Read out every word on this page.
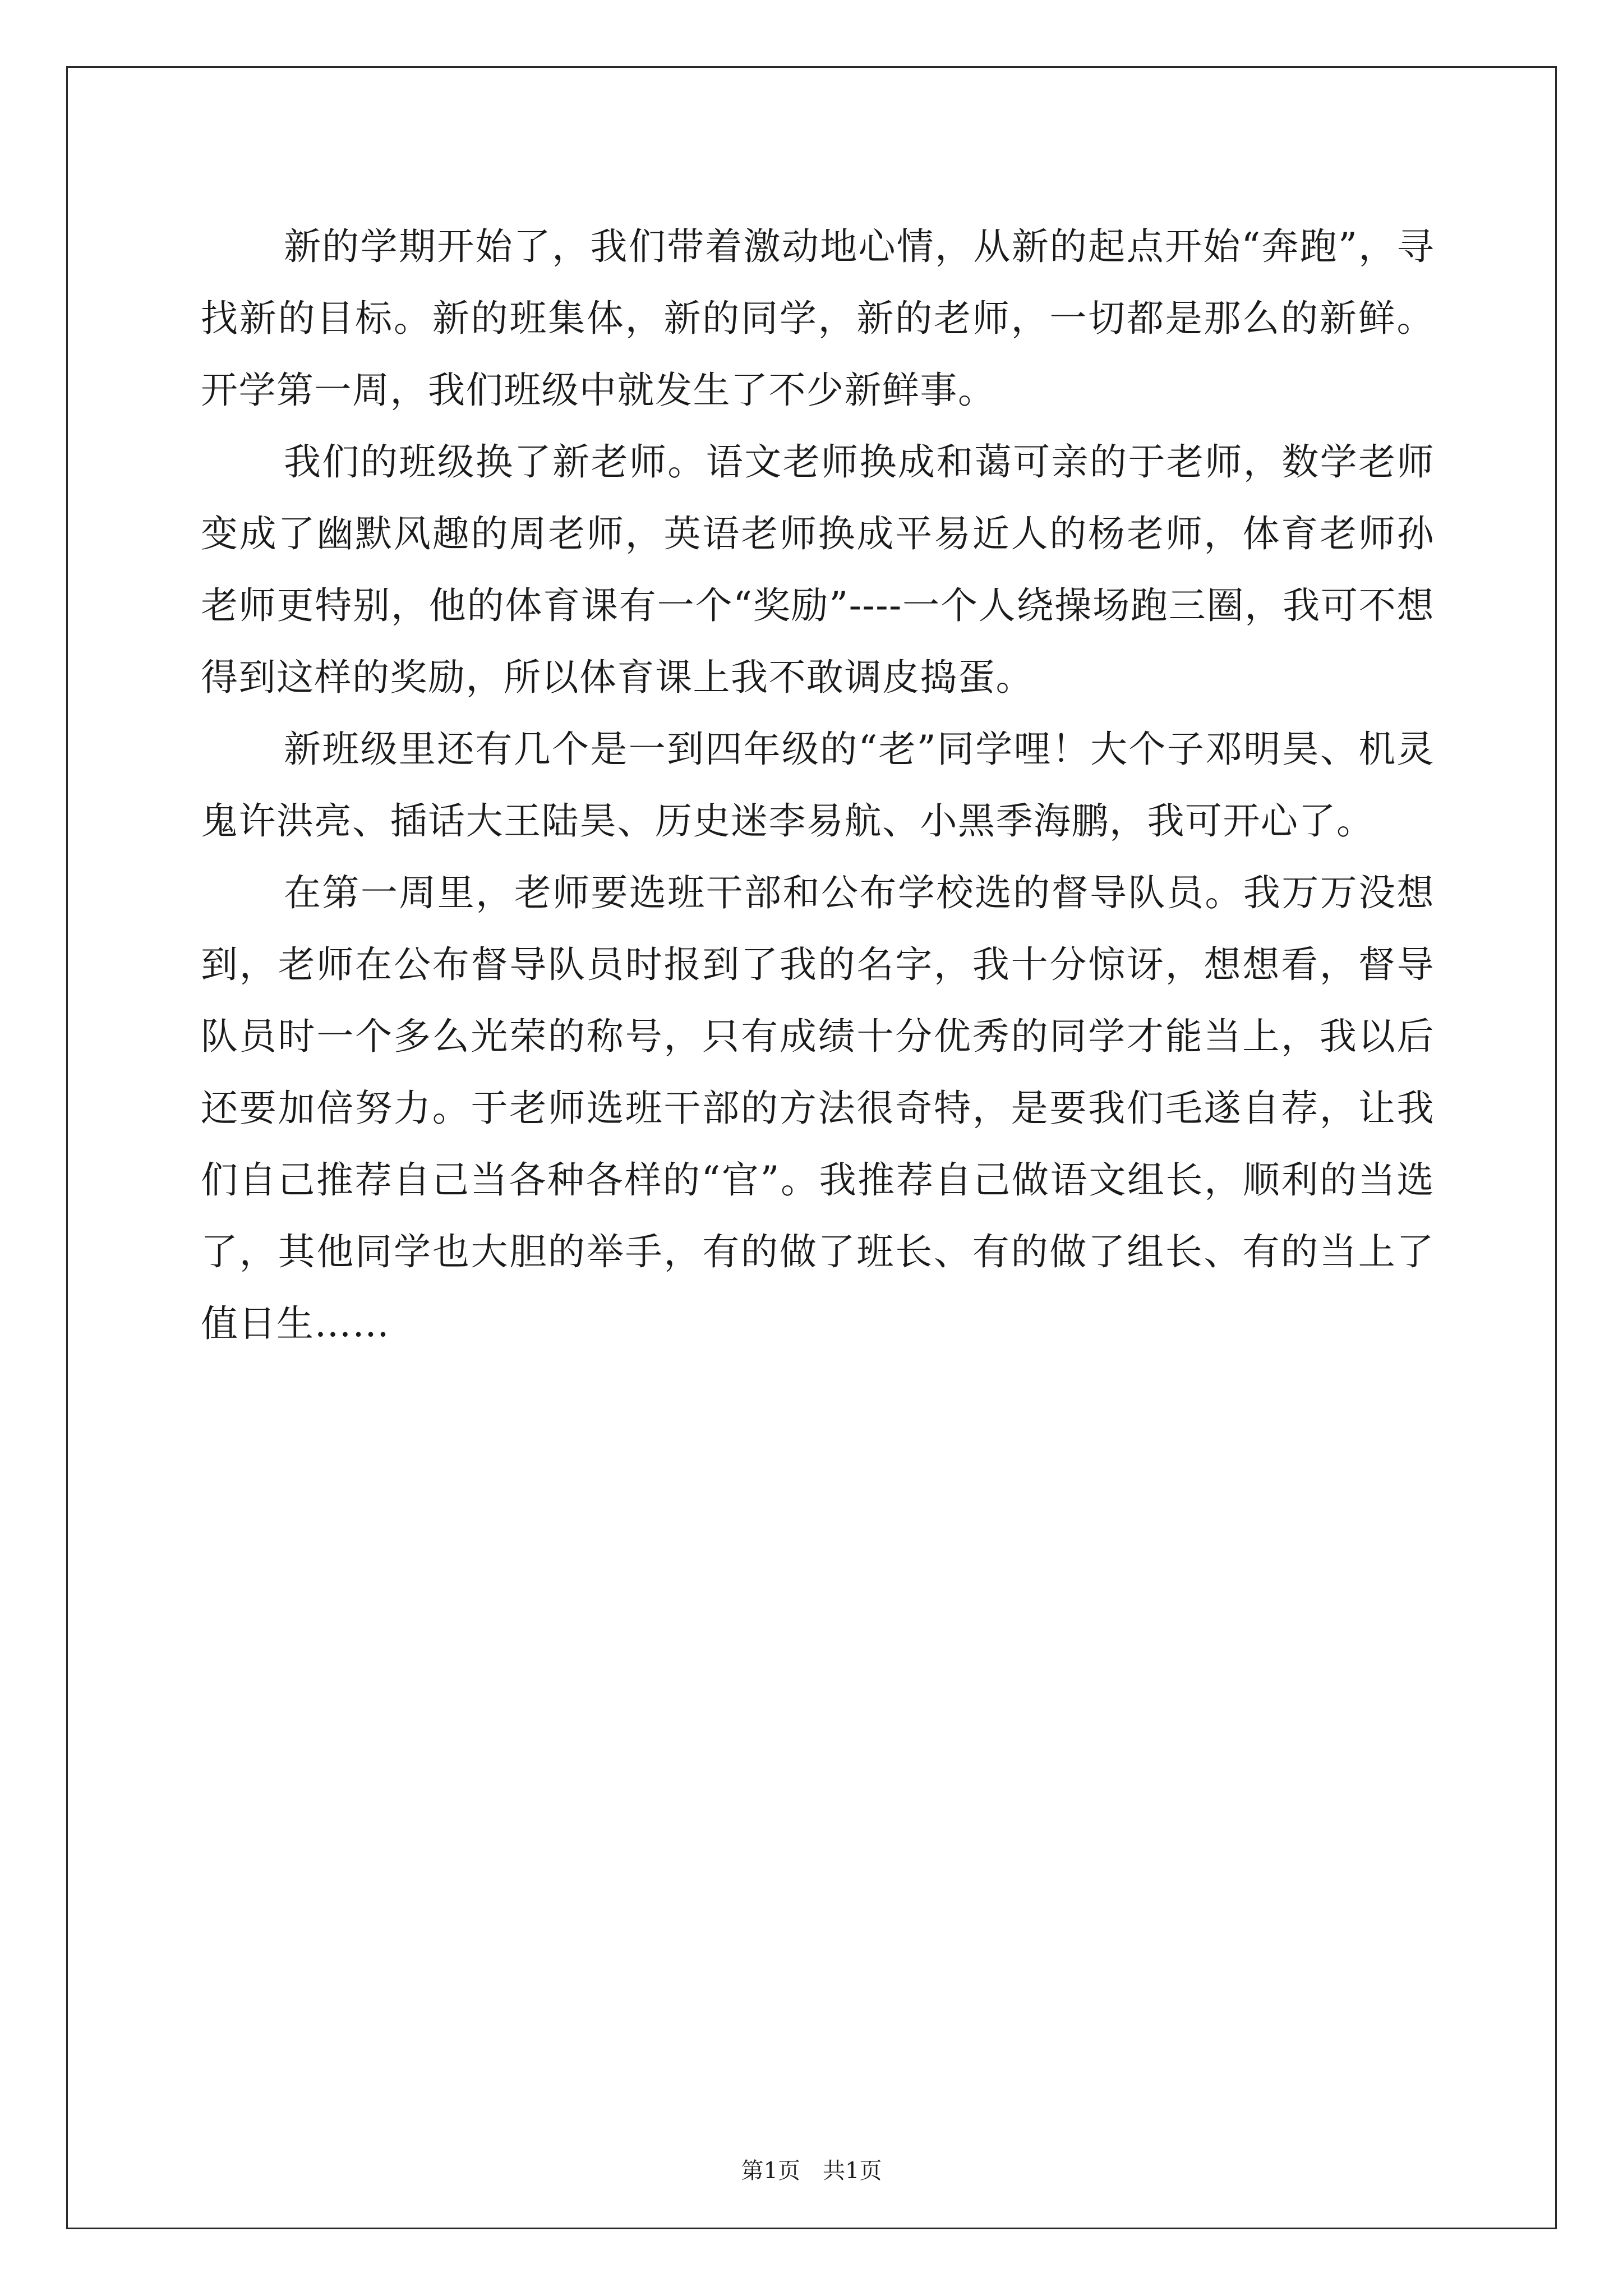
新的学期开始了，我们带着激动地心情，从新的起点开始“奔跑”，寻找新的目标。新的班集体，新的同学，新的老师，一切都是那么的新鲜。开学第一周，我们班级中就发生了不少新鲜事。

我们的班级换了新老师。语文老师换成和蔼可亲的于老师，数学老师变成了幽默风趣的周老师，英语老师换成平易近人的杨老师，体育老师孙老师更特别，他的体育课有一个“奖励”----一个人绕操场跑三圈，我可不想得到这样的奖励，所以体育课上我不敢调皮捣蛋。

新班级里还有几个是一到四年级的“老”同学哩！大个子邓明昊、机灵鬼许洪亮、插话大王陆昊、历史迷李易航、小黑季海鹏，我可开心了。

在第一周里，老师要选班干部和公布学校选的督导队员。我万万没想到，老师在公布督导队员时报到了我的名字，我十分惊讶，想想看，督导队员时一个多么光荣的称号，只有成绩十分优秀的同学才能当上，我以后还要加倍努力。于老师选班干部的方法很奇特，是要我们毛遂自荐，让我们自己推荐自己当各种各样的“官”。我推荐自己做语文组长，顺利的当选了，其他同学也大胆的举手，有的做了班长、有的做了组长、有的当上了值日生……

第1页　共1页
